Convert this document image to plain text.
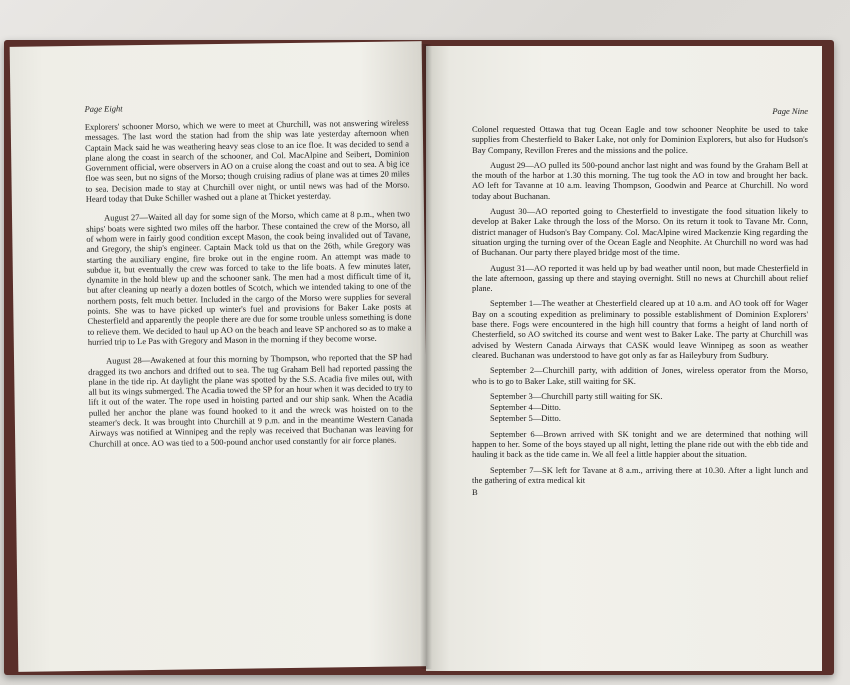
Page Eight

Explorers' schooner Morso, which we were to meet at Churchill, was not answering wireless messages. The last word the station had from the ship was late yesterday afternoon when Captain Mack said he was weathering heavy seas close to an ice floe. It was decided to send a plane along the coast in search of the schooner, and Col. MacAlpine and Seibert, Dominion Government official, were observers in AO on a cruise along the coast and out to sea. A big ice floe was seen, but no signs of the Morso; though cruising radius of plane was at times 20 miles to sea. Decision made to stay at Churchill over night, or until news was had of the Morso. Heard today that Duke Schiller washed out a plane at Thicket yesterday.

August 27—Waited all day for some sign of the Morso, which came at 8 p.m., when two ships' boats were sighted two miles off the harbor. These contained the crew of the Morso, all of whom were in fairly good condition except Mason, the cook being invalided out of Tavane, and Gregory, the ship's engineer. Captain Mack told us that on the 26th, while Gregory was starting the auxiliary engine, fire broke out in the engine room. An attempt was made to subdue it, but eventually the crew was forced to take to the life boats. A few minutes later, dynamite in the hold blew up and the schooner sank. The men had a most difficult time of it, but after cleaning up nearly a dozen bottles of Scotch, which we intended taking to one of the northern posts, felt much better. Included in the cargo of the Morso were supplies for several points. She was to have picked up winter's fuel and provisions for Baker Lake posts at Chesterfield and apparently the people there are due for some trouble unless something is done to relieve them. We decided to haul up AO on the beach and leave SP anchored so as to make a hurried trip to Le Pas with Gregory and Mason in the morning if they become worse.

August 28—Awakened at four this morning by Thompson, who reported that the SP had dragged its two anchors and drifted out to sea. The tug Graham Bell had reported passing the plane in the tide rip. At daylight the plane was spotted by the S.S. Acadia five miles out, with all but its wings submerged. The Acadia towed the SP for an hour when it was decided to try to lift it out of the water. The rope used in hoisting parted and our ship sank. When the Acadia pulled her anchor the plane was found hooked to it and the wreck was hoisted on to the steamer's deck. It was brought into Churchill at 9 p.m. and in the meantime Western Canada Airways was notified at Winnipeg and the reply was received that Buchanan was leaving for Churchill at once. AO was tied to a 500-pound anchor used constantly for air force planes.

Page Nine

Colonel requested Ottawa that tug Ocean Eagle and tow schooner Neophite be used to take supplies from Chesterfield to Baker Lake, not only for Dominion Explorers, but also for Hudson's Bay Company, Revillon Freres and the missions and the police.

August 29—AO pulled its 500-pound anchor last night and was found by the Graham Bell at the mouth of the harbor at 1.30 this morning. The tug took the AO in tow and brought her back. AO left for Tavanne at 10 a.m. leaving Thompson, Goodwin and Pearce at Churchill. No word today about Buchanan.

August 30—AO reported going to Chesterfield to investigate the food situation likely to develop at Baker Lake through the loss of the Morso. On its return it took to Tavane Mr. Conn, district manager of Hudson's Bay Company. Col. MacAlpine wired Mackenzie King regarding the situation urging the turning over of the Ocean Eagle and Neophite. At Churchill no word was had of Buchanan. Our party there played bridge most of the time.

August 31—AO reported it was held up by bad weather until noon, but made Chesterfield in the late afternoon, gassing up there and staying overnight. Still no news at Churchill about relief plane.

September 1—The weather at Chesterfield cleared up at 10 a.m. and AO took off for Wager Bay on a scouting expedition as preliminary to possible establishment of Dominion Explorers' base there. Fogs were encountered in the high hill country that forms a height of land north of Chesterfield, so AO switched its course and went west to Baker Lake. The party at Churchill was advised by Western Canada Airways that CASK would leave Winnipeg as soon as weather cleared. Buchanan was understood to have got only as far as Haileybury from Sudbury.

September 2—Churchill party, with addition of Jones, wireless operator from the Morso, who is to go to Baker Lake, still waiting for SK.

September 3—Churchill party still waiting for SK.

September 4—Ditto.

September 5—Ditto.

September 6—Brown arrived with SK tonight and we are determined that nothing will happen to her. Some of the boys stayed up all night, letting the plane ride out with the ebb tide and hauling it back as the tide came in. We all feel a little happier about the situation.

September 7—SK left for Tavane at 8 a.m., arriving there at 10.30. After a light lunch and the gathering of extra medical kit

B
